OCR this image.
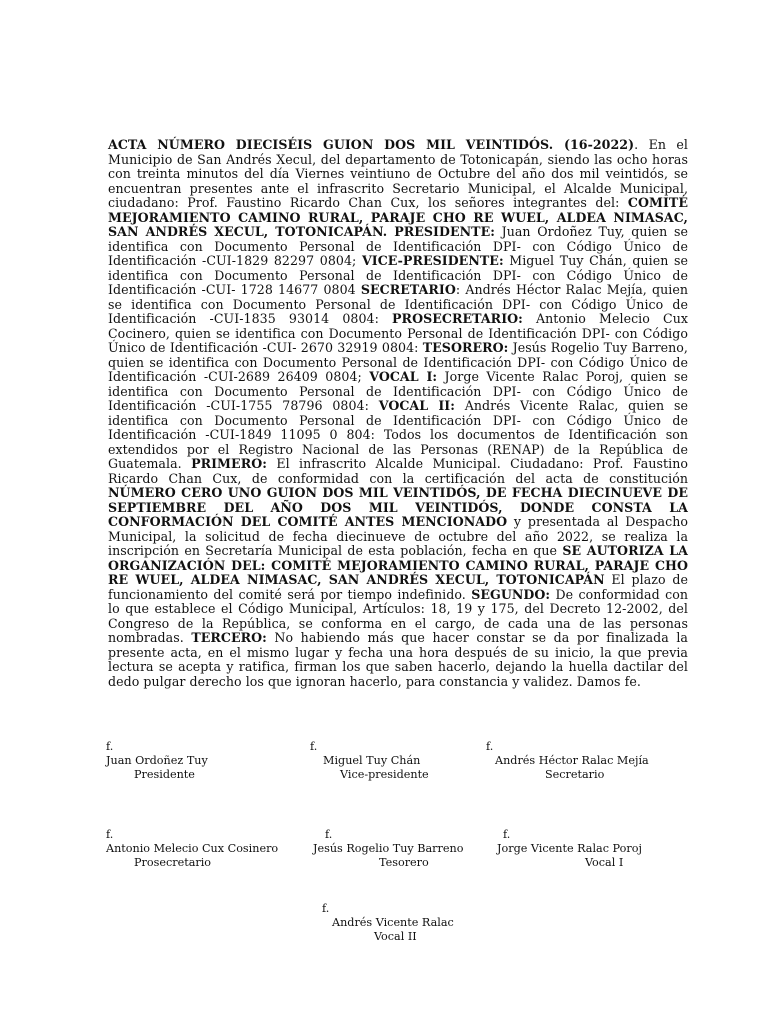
ACTA NÚMERO DIECISÉIS GUION DOS MIL VEINTIDÓS. (16-2022). En el Municipio de San Andrés Xecul, del departamento de Totonicapán, siendo las ocho horas con treinta minutos del día Viernes veintiuno de Octubre del año dos mil veintidós, se encuentran presentes ante el infrascrito Secretario Municipal, el Alcalde Municipal, ciudadano: Prof. Faustino Ricardo Chan Cux, los señores integrantes del: COMITÉ MEJORAMIENTO CAMINO RURAL, PARAJE CHO RE WUEL, ALDEA NIMASAC, SAN ANDRÉS XECUL, TOTONICAPÁN. PRESIDENTE: Juan Ordoñez Tuy, quien se identifica con Documento Personal de Identificación DPI- con Código Único de Identificación -CUI-1829 82297 0804; VICE-PRESIDENTE: Miguel Tuy Chán, quien se identifica con Documento Personal de Identificación DPI- con Código Único de Identificación -CUI- 1728 14677 0804 SECRETARIO: Andrés Héctor Ralac Mejía, quien se identifica con Documento Personal de Identificación DPI- con Código Único de Identificación -CUI-1835 93014 0804: PROSECRETARIO: Antonio Melecio Cux Cocinero, quien se identifica con Documento Personal de Identificación DPI- con Código Único de Identificación -CUI- 2670 32919 0804: TESORERO: Jesús Rogelio Tuy Barreno, quien se identifica con Documento Personal de Identificación DPI- con Código Único de Identificación -CUI-2689 26409 0804; VOCAL I: Jorge Vicente Ralac Poroj, quien se identifica con Documento Personal de Identificación DPI- con Código Único de Identificación -CUI-1755 78796 0804: VOCAL II: Andrés Vicente Ralac, quien se identifica con Documento Personal de Identificación DPI- con Código Único de Identificación -CUI-1849 11095 0 804: Todos los documentos de Identificación son extendidos por el Registro Nacional de las Personas (RENAP) de la República de Guatemala. PRIMERO: El infrascrito Alcalde Municipal. Ciudadano: Prof. Faustino Ricardo Chan Cux, de conformidad con la certificación del acta de constitución NÚMERO CERO UNO GUION DOS MIL VEINTIDÓS, DE FECHA DIECINUEVE DE SEPTIEMBRE DEL AÑO DOS MIL VEINTIDÓS, DONDE CONSTA LA CONFORMACIÓN DEL COMITÉ ANTES MENCIONADO y presentada al Despacho Municipal, la solicitud de fecha diecinueve de octubre del año 2022, se realiza la inscripción en Secretaría Municipal de esta población, fecha en que SE AUTORIZA LA ORGANIZACIÓN DEL: COMITÉ MEJORAMIENTO CAMINO RURAL, PARAJE CHO RE WUEL, ALDEA NIMASAC, SAN ANDRÉS XECUL, TOTONICAPÁN El plazo de funcionamiento del comité será por tiempo indefinido. SEGUNDO: De conformidad con lo que establece el Código Municipal, Artículos: 18, 19 y 175, del Decreto 12-2002, del Congreso de la República, se conforma en el cargo, de cada una de las personas nombradas. TERCERO: No habiendo más que hacer constar se da por finalizada la presente acta, en el mismo lugar y fecha una hora después de su inicio, la que previa lectura se acepta y ratifica, firman los que saben hacerlo, dejando la huella dactilar del dedo pulgar derecho los que ignoran hacerlo, para constancia y validez. Damos fe.
f.
Juan Ordoñez Tuy
Presidente
f.
Miguel Tuy Chán
Vice-presidente
f.
Andrés Héctor Ralac Mejía
Secretario
f.
Antonio Melecio Cux Cosinero
Prosecretario
f.
Jesús Rogelio Tuy Barreno
Tesorero
f.
Jorge Vicente Ralac Poroj
Vocal I
f.
Andrés Vicente Ralac
Vocal II
